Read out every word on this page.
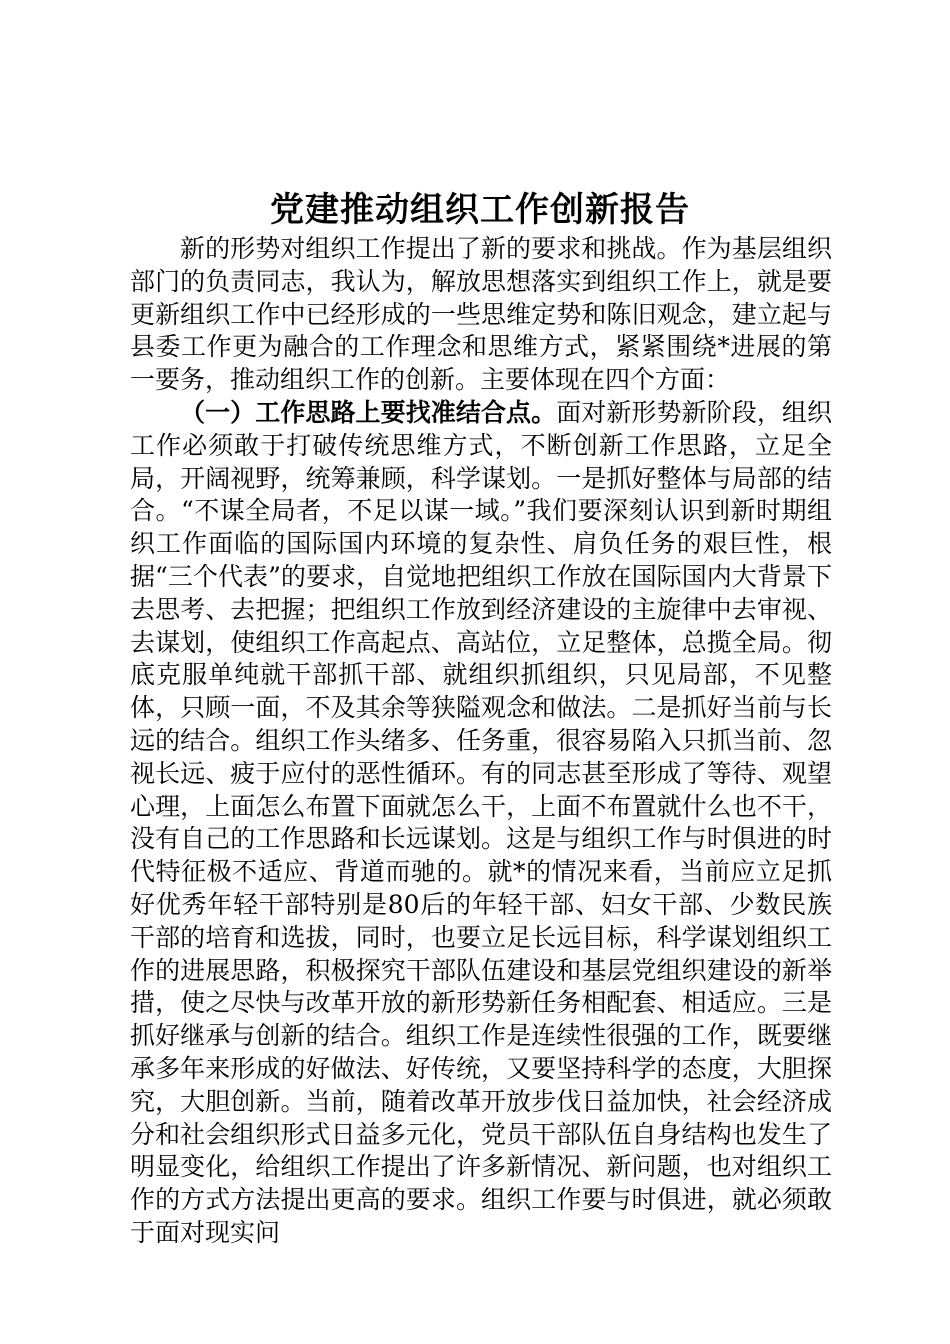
党建推动组织工作创新报告

新的形势对组织工作提出了新的要求和挑战。作为基层组织部门的负责同志，我认为，解放思想落实到组织工作上，就是要更新组织工作中已经形成的一些思维定势和陈旧观念，建立起与县委工作更为融合的工作理念和思维方式，紧紧围绕*进展的第一要务，推动组织工作的创新。主要体现在四个方面：

（一）工作思路上要找准结合点。面对新形势新阶段，组织工作必须敢于打破传统思维方式，不断创新工作思路，立足全局，开阔视野，统筹兼顾，科学谋划。一是抓好整体与局部的结合。“不谋全局者，不足以谋一域。”我们要深刻认识到新时期组织工作面临的国际国内环境的复杂性、肩负任务的艰巨性，根据“三个代表”的要求，自觉地把组织工作放在国际国内大背景下去思考、去把握；把组织工作放到经济建设的主旋律中去审视、去谋划，使组织工作高起点、高站位，立足整体，总揽全局。彻底克服单纯就干部抓干部、就组织抓组织，只见局部，不见整体，只顾一面，不及其余等狭隘观念和做法。二是抓好当前与长远的结合。组织工作头绪多、任务重，很容易陷入只抓当前、忽视长远、疲于应付的恶性循环。有的同志甚至形成了等待、观望心理，上面怎么布置下面就怎么干，上面不布置就什么也不干，没有自己的工作思路和长远谋划。这是与组织工作与时俱进的时代特征极不适应、背道而驰的。就*的情况来看，当前应立足抓好优秀年轻干部特别是80后的年轻干部、妇女干部、少数民族干部的培育和选拔，同时，也要立足长远目标，科学谋划组织工作的进展思路，积极探究干部队伍建设和基层党组织建设的新举措，使之尽快与改革开放的新形势新任务相配套、相适应。三是抓好继承与创新的结合。组织工作是连续性很强的工作，既要继承多年来形成的好做法、好传统，又要坚持科学的态度，大胆探究，大胆创新。当前，随着改革开放步伐日益加快，社会经济成分和社会组织形式日益多元化，党员干部队伍自身结构也发生了明显变化，给组织工作提出了许多新情况、新问题，也对组织工作的方式方法提出更高的要求。组织工作要与时俱进，就必须敢于面对现实问
